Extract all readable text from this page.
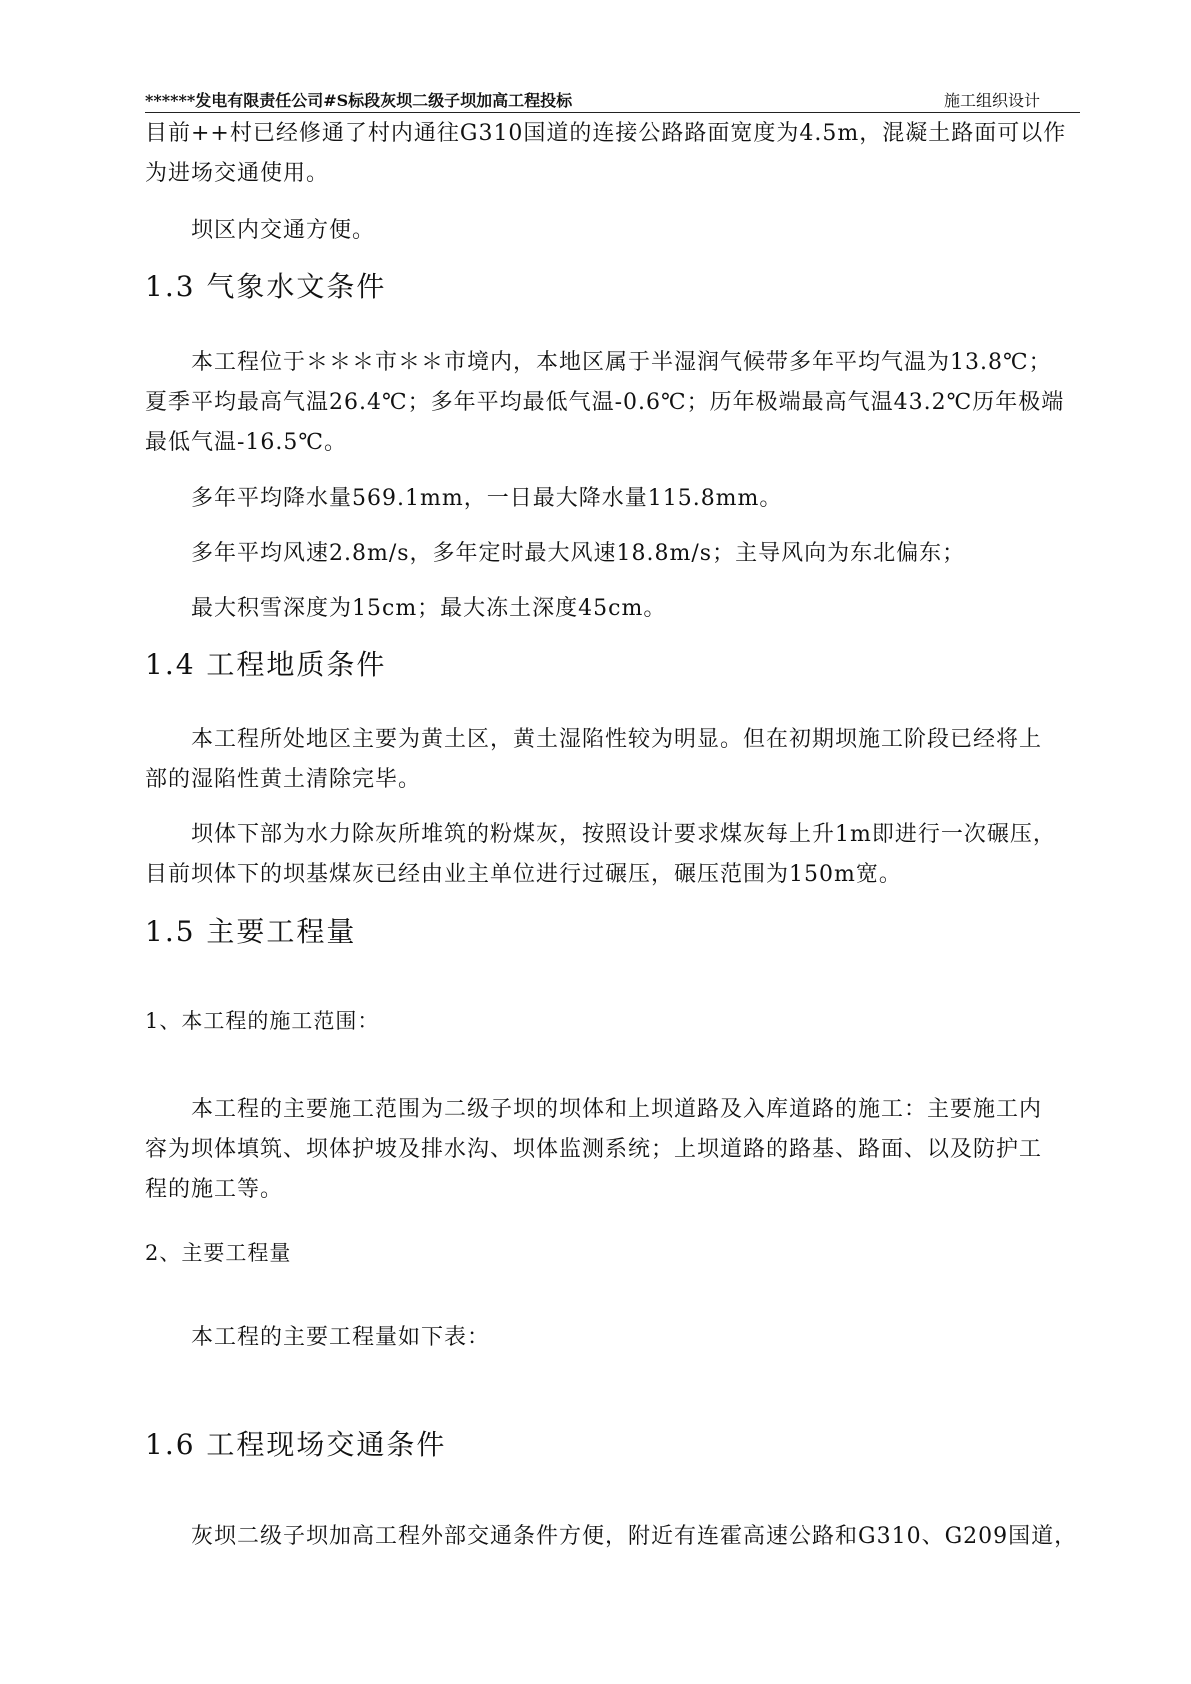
******发电有限责任公司#S标段灰坝二级子坝加高工程投标	施工组织设计
目前++村已经修通了村内通往G310国道的连接公路路面宽度为4.5m，混凝土路面可以作
为进场交通使用。
坝区内交通方便。
1.3 气象水文条件
本工程位于＊＊＊市＊＊市境内，本地区属于半湿润气候带多年平均气温为13.8℃；
夏季平均最高气温26.4℃；多年平均最低气温-0.6℃；历年极端最高气温43.2℃历年极端
最低气温-16.5℃。
多年平均降水量569.1mm，一日最大降水量115.8mm。
多年平均风速2.8m/s，多年定时最大风速18.8m/s；主导风向为东北偏东；
最大积雪深度为15cm；最大冻土深度45cm。
1.4 工程地质条件
本工程所处地区主要为黄土区，黄土湿陷性较为明显。但在初期坝施工阶段已经将上
部的湿陷性黄土清除完毕。
坝体下部为水力除灰所堆筑的粉煤灰，按照设计要求煤灰每上升1m即进行一次碾压，
目前坝体下的坝基煤灰已经由业主单位进行过碾压，碾压范围为150m宽。
1.5 主要工程量
1、本工程的施工范围：
本工程的主要施工范围为二级子坝的坝体和上坝道路及入库道路的施工：主要施工内
容为坝体填筑、坝体护坡及排水沟、坝体监测系统；上坝道路的路基、路面、以及防护工
程的施工等。
2、主要工程量
本工程的主要工程量如下表：
1.6 工程现场交通条件
灰坝二级子坝加高工程外部交通条件方便，附近有连霍高速公路和G310、G209国道，
